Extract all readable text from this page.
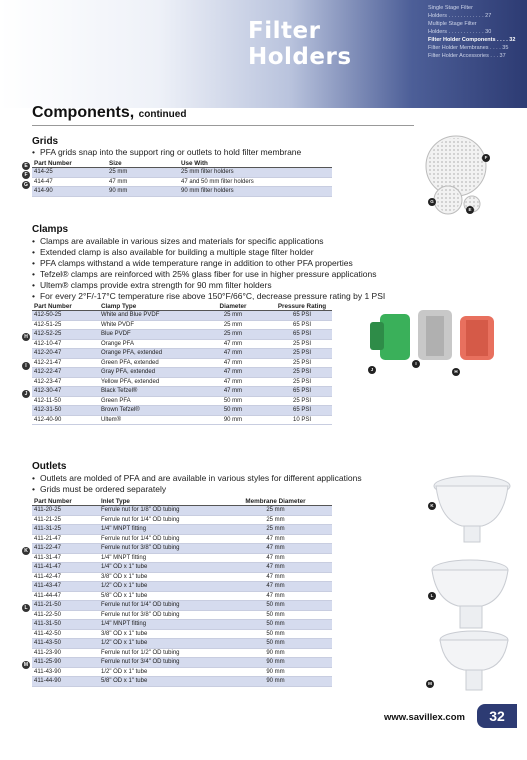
Filter Holders
Single Stage Filter
Holders . . . . . . . . . . . . 27
Multiple Stage Filter
Holders . . . . . . . . . . . . 30
Filter Holder Components . . . . 32
Filter Holder Membranes . . . . 35
Filter Holder Accessories . . . 37
Components, continued
Grids
• PFA grids snap into the support ring or outlets to hold filter membrane
Part Number	Size	Use With
414-25	25 mm	25 mm filter holders
414-47	47 mm	47 and 50 mm filter holders
414-90	90 mm	90 mm filter holders
F
G
E
Clamps
• Clamps are available in various sizes and materials for specific applications
• Extended clamp is also available for building a multiple stage filter holder
• PFA clamps withstand a wide temperature range in addition to other PFA properties
• Tefzel® clamps are reinforced with 25% glass fiber for use in higher pressure applications
• Ultem® clamps provide extra strength for 90 mm filter holders
• For every 2°F/-17°C temperature rise above 150°F/66°C, decrease pressure rating by 1 PSI
Part Number	Clamp Type	Diameter	Pressure Rating
412-50-25	White and Blue PVDF	25 mm	65 PSI
412-51-25	White PVDF	25 mm	65 PSI
412-52-25	Blue PVDF	25 mm	65 PSI
412-10-47	Orange PFA	47 mm	25 PSI
412-20-47	Orange PFA, extended	47 mm	25 PSI
412-21-47	Green PFA, extended	47 mm	25 PSI
412-22-47	Gray PFA, extended	47 mm	25 PSI
412-23-47	Yellow PFA, extended	47 mm	25 PSI
412-30-47	Black Tefzel®	47 mm	65 PSI
412-11-50	Green PFA	50 mm	25 PSI
412-31-50	Brown Tefzel®	50 mm	65 PSI
412-40-90	Ultem®	90 mm	10 PSI
J
I
H
Outlets
• Outlets are molded of PFA and are available in various styles for different applications
• Grids must be ordered separately
Part Number	Inlet Type	Membrane Diameter
411-20-25	Ferrule nut for 1/8" OD tubing	25 mm
411-21-25	Ferrule nut for 1/4" OD tubing	25 mm
411-31-25	1/4" MNPT fitting	25 mm
411-21-47	Ferrule nut for 1/4" OD tubing	47 mm
411-22-47	Ferrule nut for 3/8" OD tubing	47 mm
411-31-47	1/4" MNPT fitting	47 mm
411-41-47	1/4" OD x 1" tube	47 mm
411-42-47	3/8" OD x 1" tube	47 mm
411-43-47	1/2" OD x 1" tube	47 mm
411-44-47	5/8" OD x 1" tube	47 mm
411-21-50	Ferrule nut for 1/4" OD tubing	50 mm
411-22-50	Ferrule nut for 3/8" OD tubing	50 mm
411-31-50	1/4" MNPT fitting	50 mm
411-42-50	3/8" OD x 1" tube	50 mm
411-43-50	1/2" OD x 1" tube	50 mm
411-23-90	Ferrule nut for 1/2" OD tubing	90 mm
411-25-90	Ferrule nut for 3/4" OD tubing	90 mm
411-43-90	1/2" OD x 1" tube	90 mm
411-44-90	5/8" OD x 1" tube	90 mm
K
L
M
www.savillex.com	32
E
F
G
H
I
J
K
L
M
